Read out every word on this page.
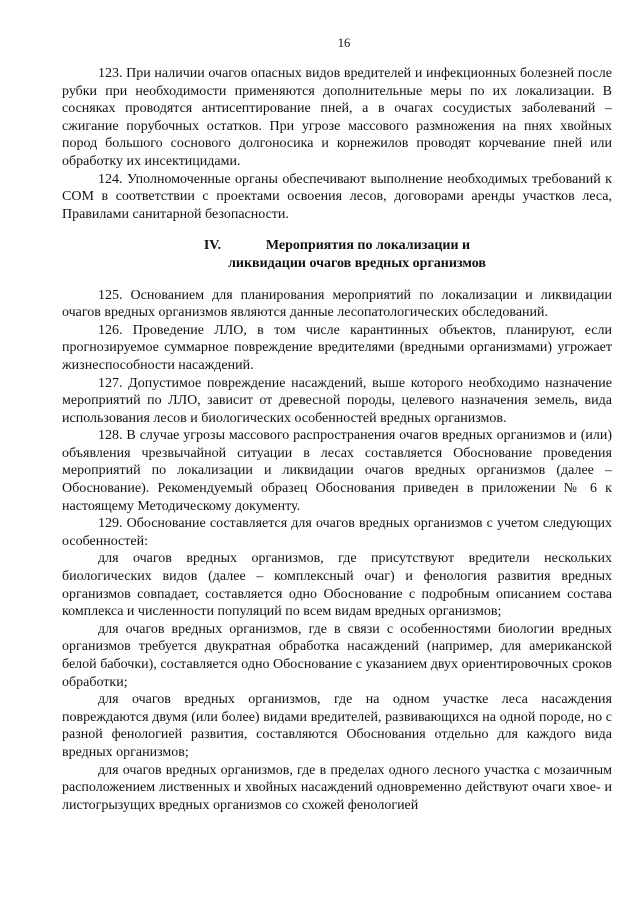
16

123. При наличии очагов опасных видов вредителей и инфекционных болезней после рубки при необходимости применяются дополнительные меры по их локализации. В сосняках проводятся антисептирование пней, а в очагах сосудистых заболеваний – сжигание порубочных остатков. При угрозе массового размножения на пнях хвойных пород большого соснового долгоносика и корнежилов проводят корчевание пней или обработку их инсектицидами.

124. Уполномоченные органы обеспечивают выполнение необходимых требований к СОМ в соответствии с проектами освоения лесов, договорами аренды участков леса, Правилами санитарной безопасности.

IV.	Мероприятия по локализации и
ликвидации очагов вредных организмов

125. Основанием для планирования мероприятий по локализации и ликвидации очагов вредных организмов являются данные лесопатологических обследований.

126. Проведение ЛЛО, в том числе карантинных объектов, планируют, если прогнозируемое суммарное повреждение вредителями (вредными организмами) угрожает жизнеспособности насаждений.

127. Допустимое повреждение насаждений, выше которого необходимо назначение мероприятий по ЛЛО, зависит от древесной породы, целевого назначения земель, вида использования лесов и биологических особенностей вредных организмов.

128. В случае угрозы массового распространения очагов вредных организмов и (или) объявления чрезвычайной ситуации в лесах составляется Обоснование проведения мероприятий по локализации и ликвидации очагов вредных организмов (далее – Обоснование). Рекомендуемый образец Обоснования приведен в приложении № 6 к настоящему Методическому документу.

129. Обоснование составляется для очагов вредных организмов с учетом следующих особенностей:

для очагов вредных организмов, где присутствуют вредители нескольких биологических видов (далее – комплексный очаг) и фенология развития вредных организмов совпадает, составляется одно Обоснование с подробным описанием состава комплекса и численности популяций по всем видам вредных организмов;

для очагов вредных организмов, где в связи с особенностями биологии вредных организмов требуется двукратная обработка насаждений (например, для американской белой бабочки), составляется одно Обоснование с указанием двух ориентировочных сроков обработки;

для очагов вредных организмов, где на одном участке леса насаждения повреждаются двумя (или более) видами вредителей, развивающихся на одной породе, но с разной фенологией развития, составляются Обоснования отдельно для каждого вида вредных организмов;

для очагов вредных организмов, где в пределах одного лесного участка с мозаичным расположением лиственных и хвойных насаждений одновременно действуют очаги хвое- и листогрызущих вредных организмов со схожей фенологией
